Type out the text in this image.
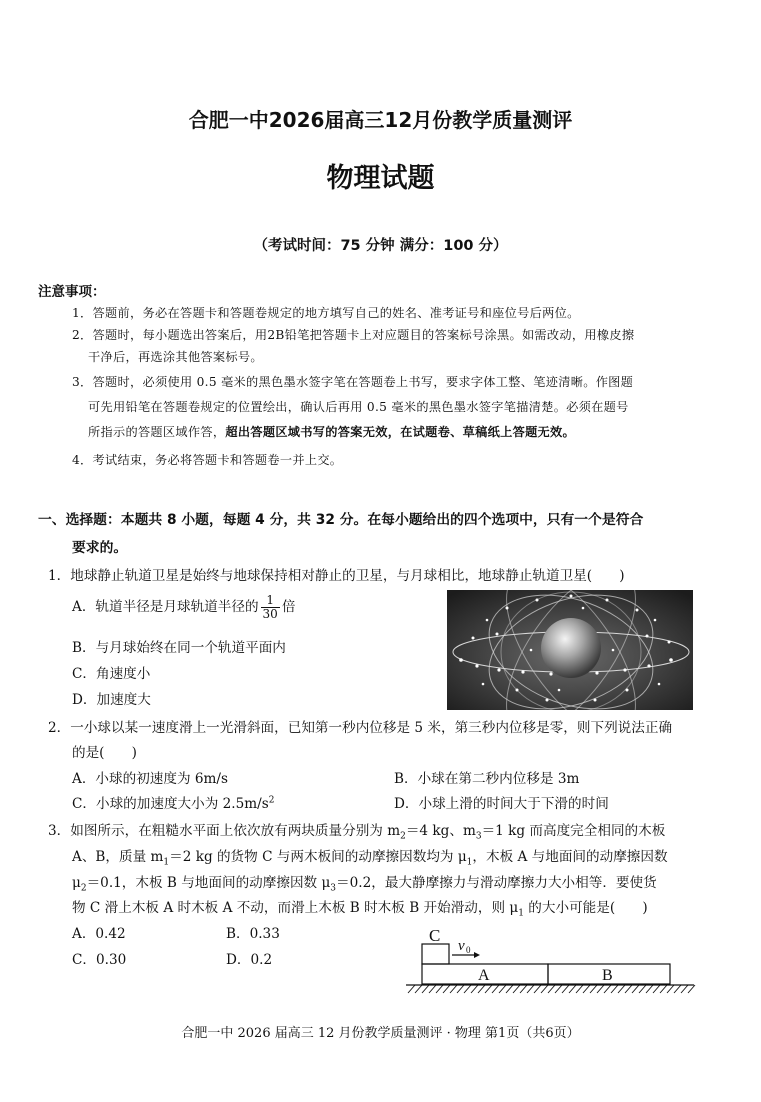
合肥一中2026届高三12月份教学质量测评
物理试题
（考试时间：75 分钟 满分：100 分）
注意事项：
1．答题前，务必在答题卡和答题卷规定的地方填写自己的姓名、准考证号和座位号后两位。
2．答题时，每小题选出答案后，用2B铅笔把答题卡上对应题目的答案标号涂黑。如需改动，用橡皮擦
干净后，再选涂其他答案标号。
3．答题时，必须使用 0.5 毫米的黑色墨水签字笔在答题卷上书写，要求字体工整、笔迹清晰。作图题
可先用铅笔在答题卷规定的位置绘出，确认后再用 0.5 毫米的黑色墨水签字笔描清楚。必须在题号
所指示的答题区域作答，超出答题区域书写的答案无效，在试题卷、草稿纸上答题无效。
4．考试结束，务必将答题卡和答题卷一并上交。
一、选择题：本题共 8 小题，每题 4 分，共 32 分。在每小题给出的四个选项中，只有一个是符合
要求的。
1．地球静止轨道卫星是始终与地球保持相对静止的卫星，与月球相比，地球静止轨道卫星(　　)
A．轨道半径是月球轨道半径的 $\frac{1}{30}$ 倍
B．与月球始终在同一个轨道平面内
C．角速度小
D．加速度大
2．一小球以某一速度滑上一光滑斜面，已知第一秒内位移是 5 米，第三秒内位移是零，则下列说法正确
的是(　　)
A．小球的初速度为 6m/s	B．小球在第二秒内位移是 3m
C．小球的加速度大小为 $2.5m/s^2$	D．小球上滑的时间大于下滑的时间
3．如图所示，在粗糙水平面上依次放有两块质量分别为 $m_2=4$ kg、$m_3=1$ kg 而高度完全相同的木板
A、B，质量 $m_1=2$ kg 的货物 C 与两木板间的动摩擦因数均为 $\mu_1$，木板 A 与地面间的动摩擦因数
$\mu_2=0.1$，木板 B 与地面间的动摩擦因数 $\mu_3=0.2$，最大静摩擦力与滑动摩擦力大小相等．要使货
物 C 滑上木板 A 时木板 A 不动，而滑上木板 B 时木板 B 开始滑动，则 $\mu_1$ 的大小可能是(　　)
A．0.42	B．0.33
C．0.30	D．0.2
C
v 0
A	B
合肥一中 2026 届高三 12 月份教学质量测评 · 物理 第1页（共6页）
